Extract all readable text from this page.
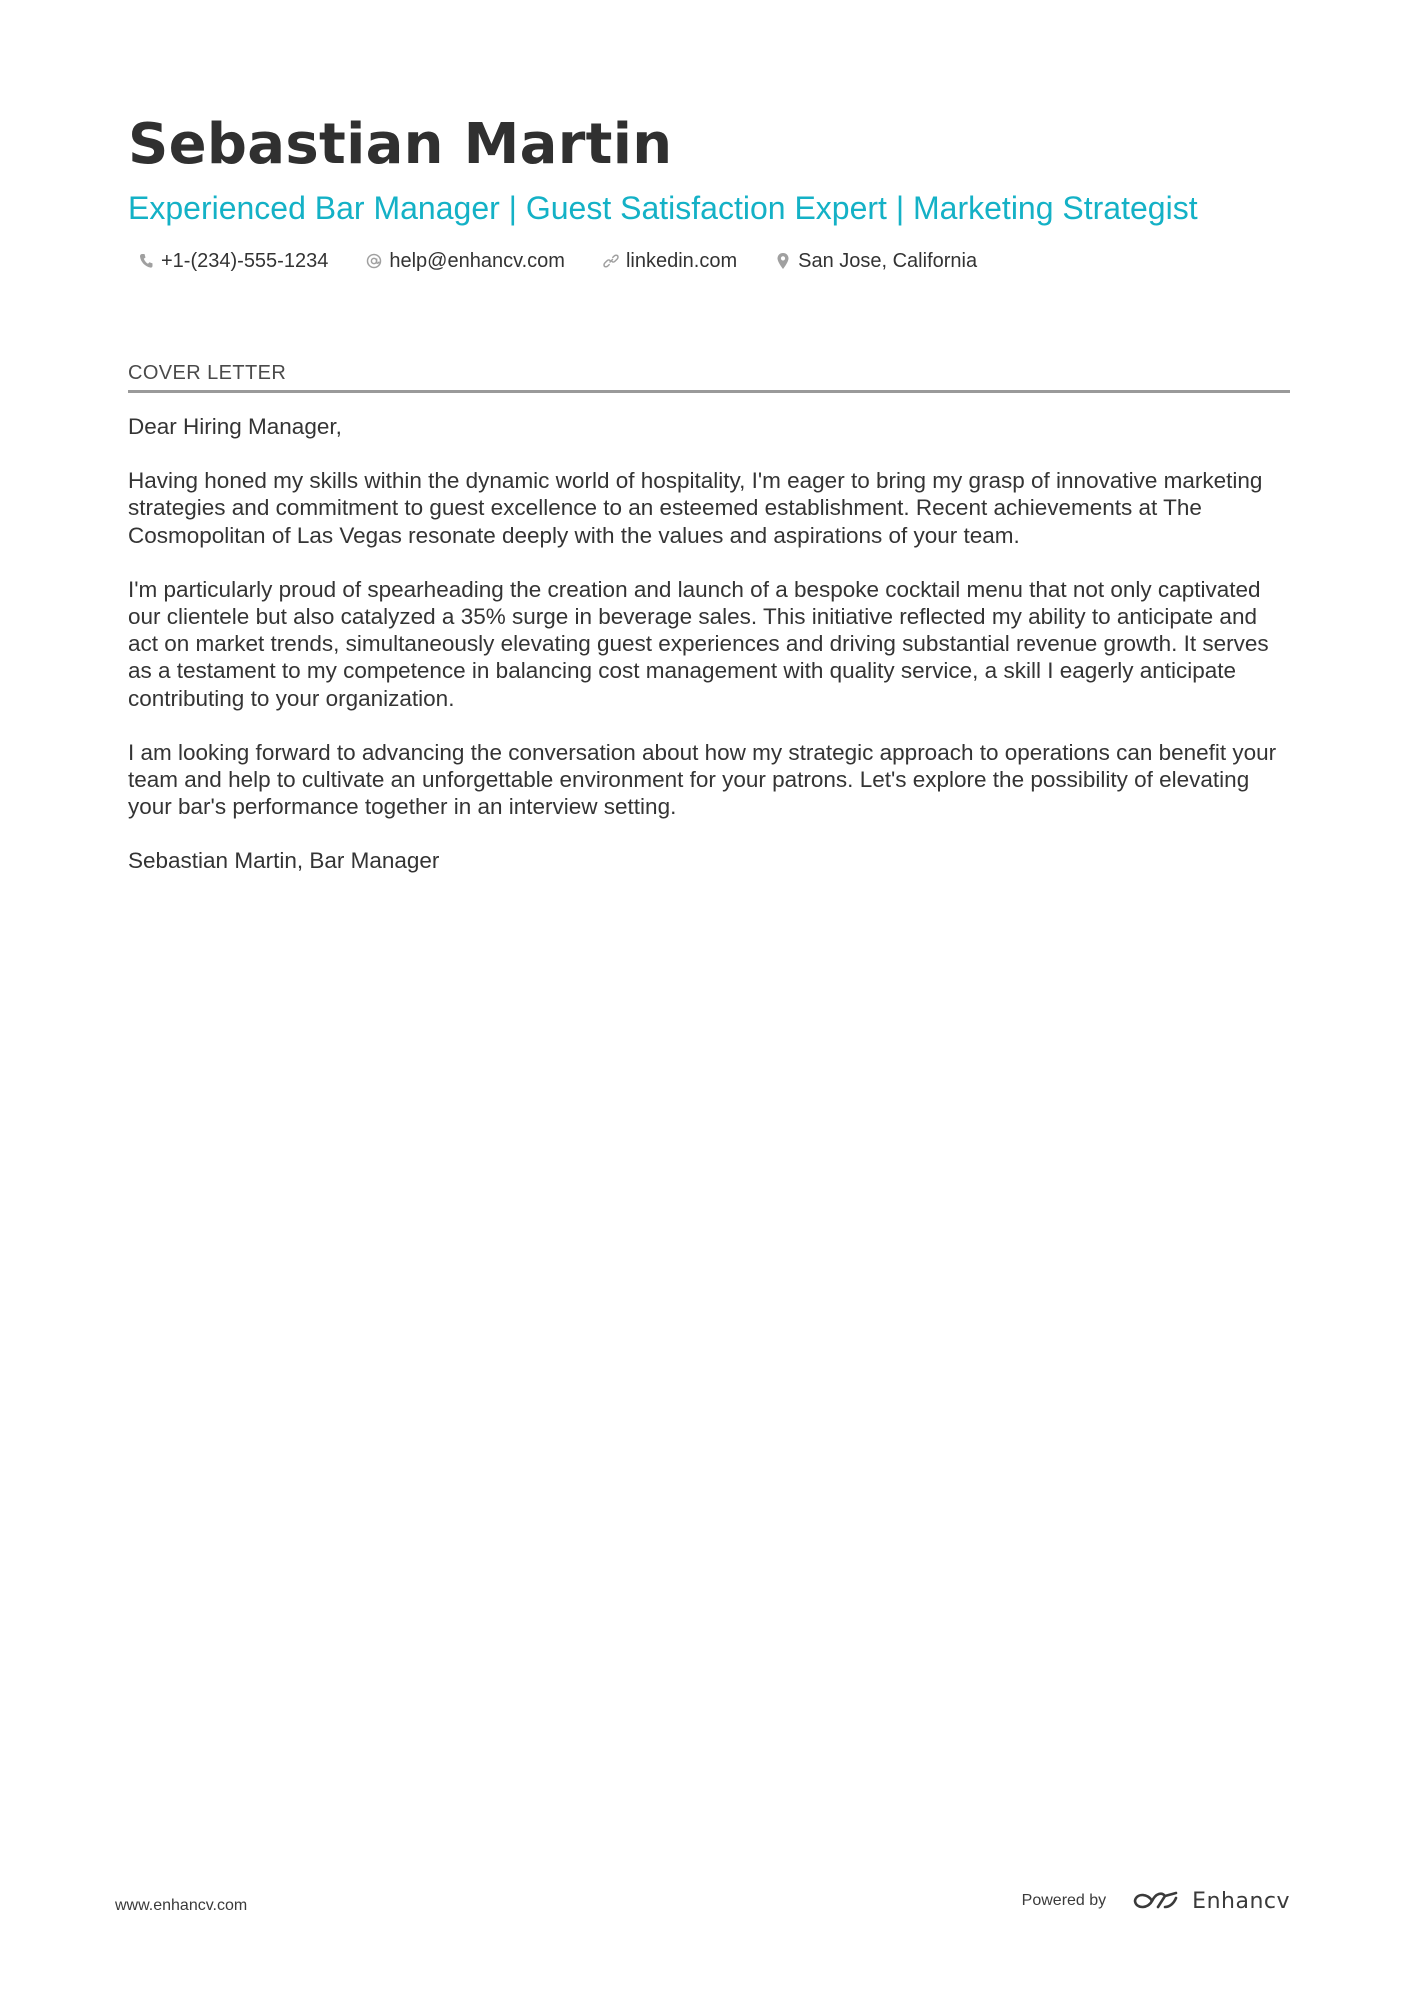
Sebastian Martin
Experienced Bar Manager | Guest Satisfaction Expert | Marketing Strategist
+1-(234)-555-1234	help@enhancv.com	linkedin.com	San Jose, California
COVER LETTER

Dear Hiring Manager,

Having honed my skills within the dynamic world of hospitality, I'm eager to bring my grasp of innovative marketing strategies and commitment to guest excellence to an esteemed establishment. Recent achievements at The Cosmopolitan of Las Vegas resonate deeply with the values and aspirations of your team.

I'm particularly proud of spearheading the creation and launch of a bespoke cocktail menu that not only captivated our clientele but also catalyzed a 35% surge in beverage sales. This initiative reflected my ability to anticipate and act on market trends, simultaneously elevating guest experiences and driving substantial revenue growth. It serves as a testament to my competence in balancing cost management with quality service, a skill I eagerly anticipate contributing to your organization.

I am looking forward to advancing the conversation about how my strategic approach to operations can benefit your team and help to cultivate an unforgettable environment for your patrons. Let's explore the possibility of elevating your bar's performance together in an interview setting.

Sebastian Martin, Bar Manager

www.enhancv.com	Powered by	Enhancv
